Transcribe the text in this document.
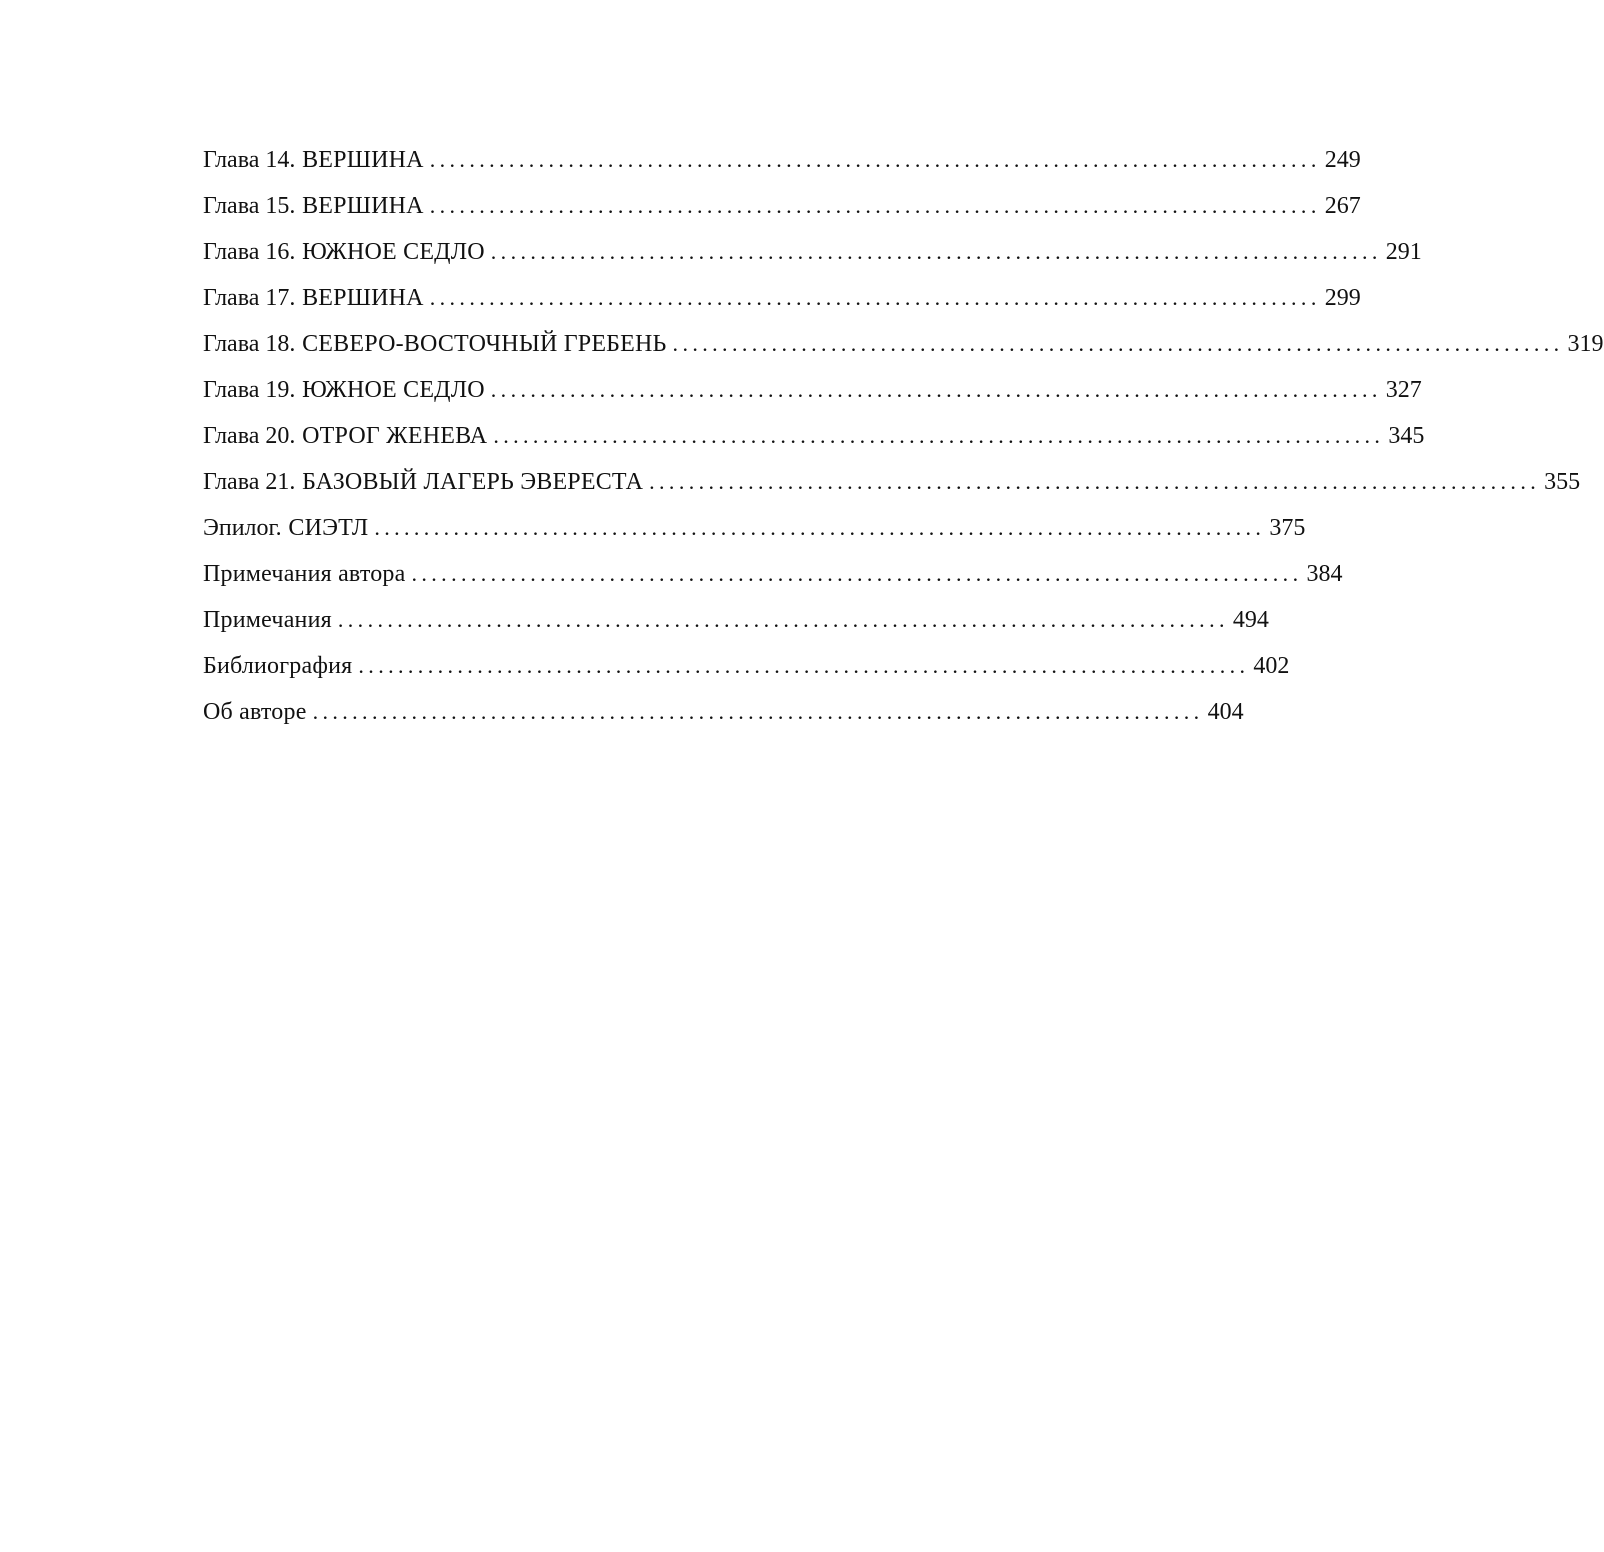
Глава 14. ВЕРШИНА .......................................................................................... 249
Глава 15. ВЕРШИНА .......................................................................................... 267
Глава 16. ЮЖНОЕ СЕДЛО .......................................................................................... 291
Глава 17. ВЕРШИНА .......................................................................................... 299
Глава 18. СЕВЕРО-ВОСТОЧНЫЙ ГРЕБЕНЬ .......................................................................................... 319
Глава 19. ЮЖНОЕ СЕДЛО .......................................................................................... 327
Глава 20. ОТРОГ ЖЕНЕВА .......................................................................................... 345
Глава 21. БАЗОВЫЙ ЛАГЕРЬ ЭВЕРЕСТА .......................................................................................... 355
Эпилог. СИЭТЛ .......................................................................................... 375
Примечания автора .......................................................................................... 384
Примечания .......................................................................................... 494
Библиография .......................................................................................... 402
Об авторе .......................................................................................... 404
